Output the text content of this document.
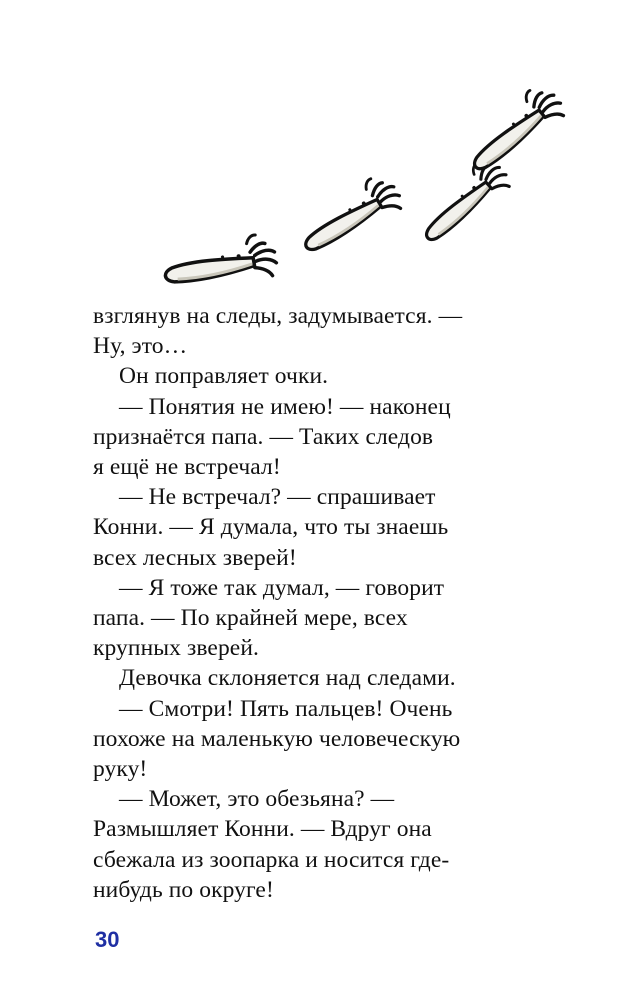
взглянув на следы, задумывается. —
Ну, это…
Он поправляет очки.
— Понятия не имею! — наконец
признаётся папа. — Таких следов
я ещё не встречал!
— Не встречал? — спрашивает
Конни. — Я думала, что ты знаешь
всех лесных зверей!
— Я тоже так думал, — говорит
папа. — По крайней мере, всех
крупных зверей.
Девочка склоняется над следами.
— Смотри! Пять пальцев! Очень
похоже на маленькую человеческую
руку!
— Может, это обезьяна? —
Размышляет Конни. — Вдруг она
сбежала из зоопарка и носится где-
нибудь по округе!
30
